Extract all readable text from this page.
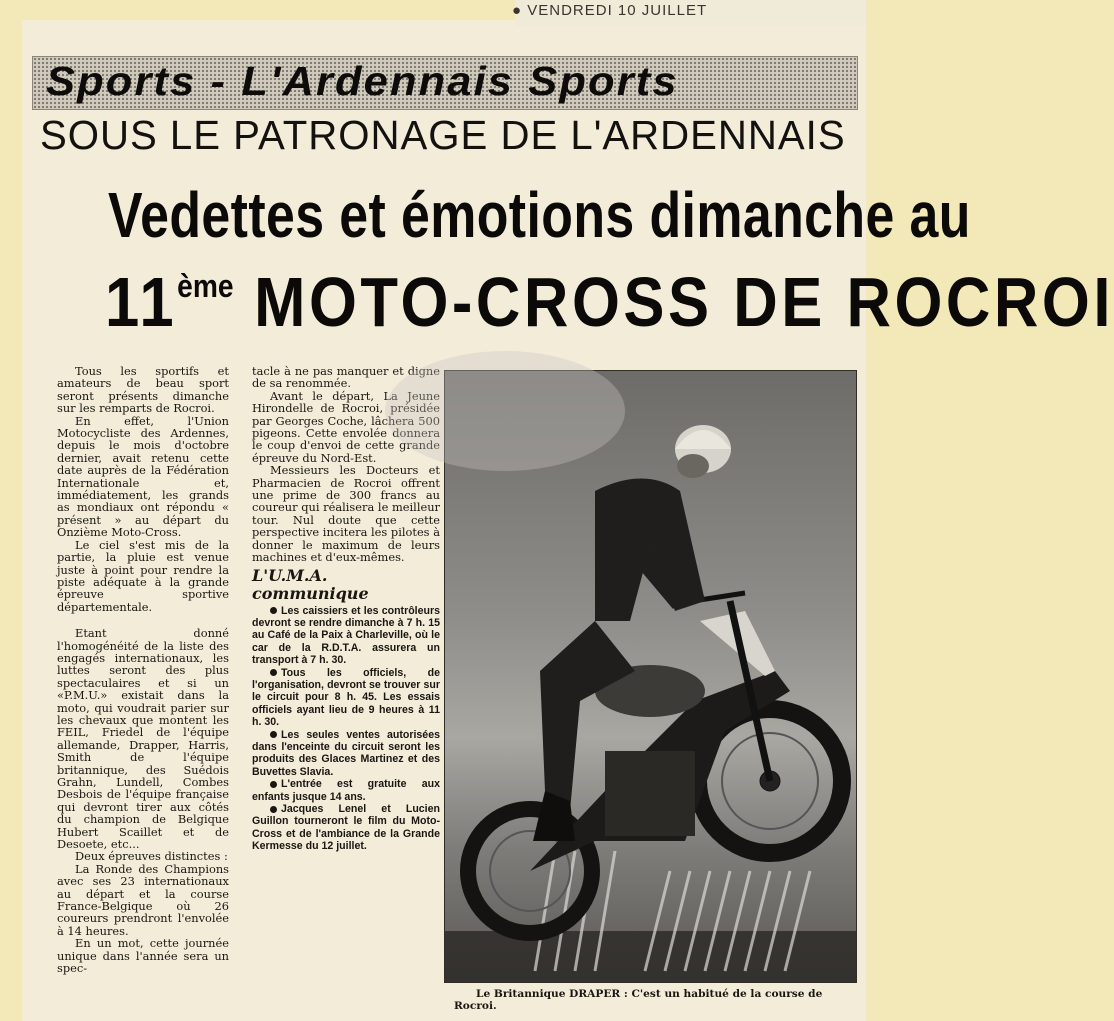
● VENDREDI 10 JUILLET
Sports - L'Ardennais Sports
SOUS LE PATRONAGE DE L'ARDENNAIS
Vedettes et émotions dimanche au
11ème MOTO-CROSS DE ROCROI

Tous les sportifs et amateurs de beau sport seront présents dimanche sur les remparts de Rocroi.

En effet, l'Union Motocycliste des Ardennes, depuis le mois d'octobre dernier, avait retenu cette date auprès de la Fédération Internationale et, immédiatement, les grands as mondiaux ont répondu « présent » au départ du Onzième Moto-Cross.

Le ciel s'est mis de la partie, la pluie est venue juste à point pour rendre la piste adéquate à la grande épreuve sportive départementale.

Etant donné l'homogénéité de la liste des engagés internationaux, les luttes seront des plus spectaculaires et si un «P.M.U.» existait dans la moto, qui voudrait parier sur les chevaux que montent les FEIL, Friedel de l'équipe allemande, Drapper, Harris, Smith de l'équipe britannique, des Suédois Grahn, Lundell, Combes Desbois de l'équipe française qui devront tirer aux côtés du champion de Belgique Hubert Scaillet et de Desoete, etc...

Deux épreuves distinctes :

La Ronde des Champions avec ses 23 internationaux au départ et la course France-Belgique où 26 coureurs prendront l'envolée à 14 heures.

En un mot, cette journée unique dans l'année sera un spec-

tacle à ne pas manquer et digne de sa renommée.

Avant le départ, La Jeune Hirondelle de Rocroi, présidée par Georges Coche, lâchera 500 pigeons. Cette envolée donnera le coup d'envoi de cette grande épreuve du Nord-Est.

Messieurs les Docteurs et Pharmacien de Rocroi offrent une prime de 300 francs au coureur qui réalisera le meilleur tour. Nul doute que cette perspective incitera les pilotes à donner le maximum de leurs machines et d'eux-mêmes.

L'U.M.A. communique

Les caissiers et les contrôleurs devront se rendre dimanche à 7 h. 15 au Café de la Paix à Charleville, où le car de la R.D.T.A. assurera un transport à 7 h. 30.

Tous les officiels, de l'organisation, devront se trouver sur le circuit pour 8 h. 45. Les essais officiels ayant lieu de 9 heures à 11 h. 30.

Les seules ventes autorisées dans l'enceinte du circuit seront les produits des Glaces Martinez et des Buvettes Slavia.

L'entrée est gratuite aux enfants jusque 14 ans.

Jacques Lenel et Lucien Guillon tourneront le film du Moto-Cross et de l'ambiance de la Grande Kermesse du 12 juillet.

Le Britannique DRAPER : C'est un habitué de la course de Rocroi.
